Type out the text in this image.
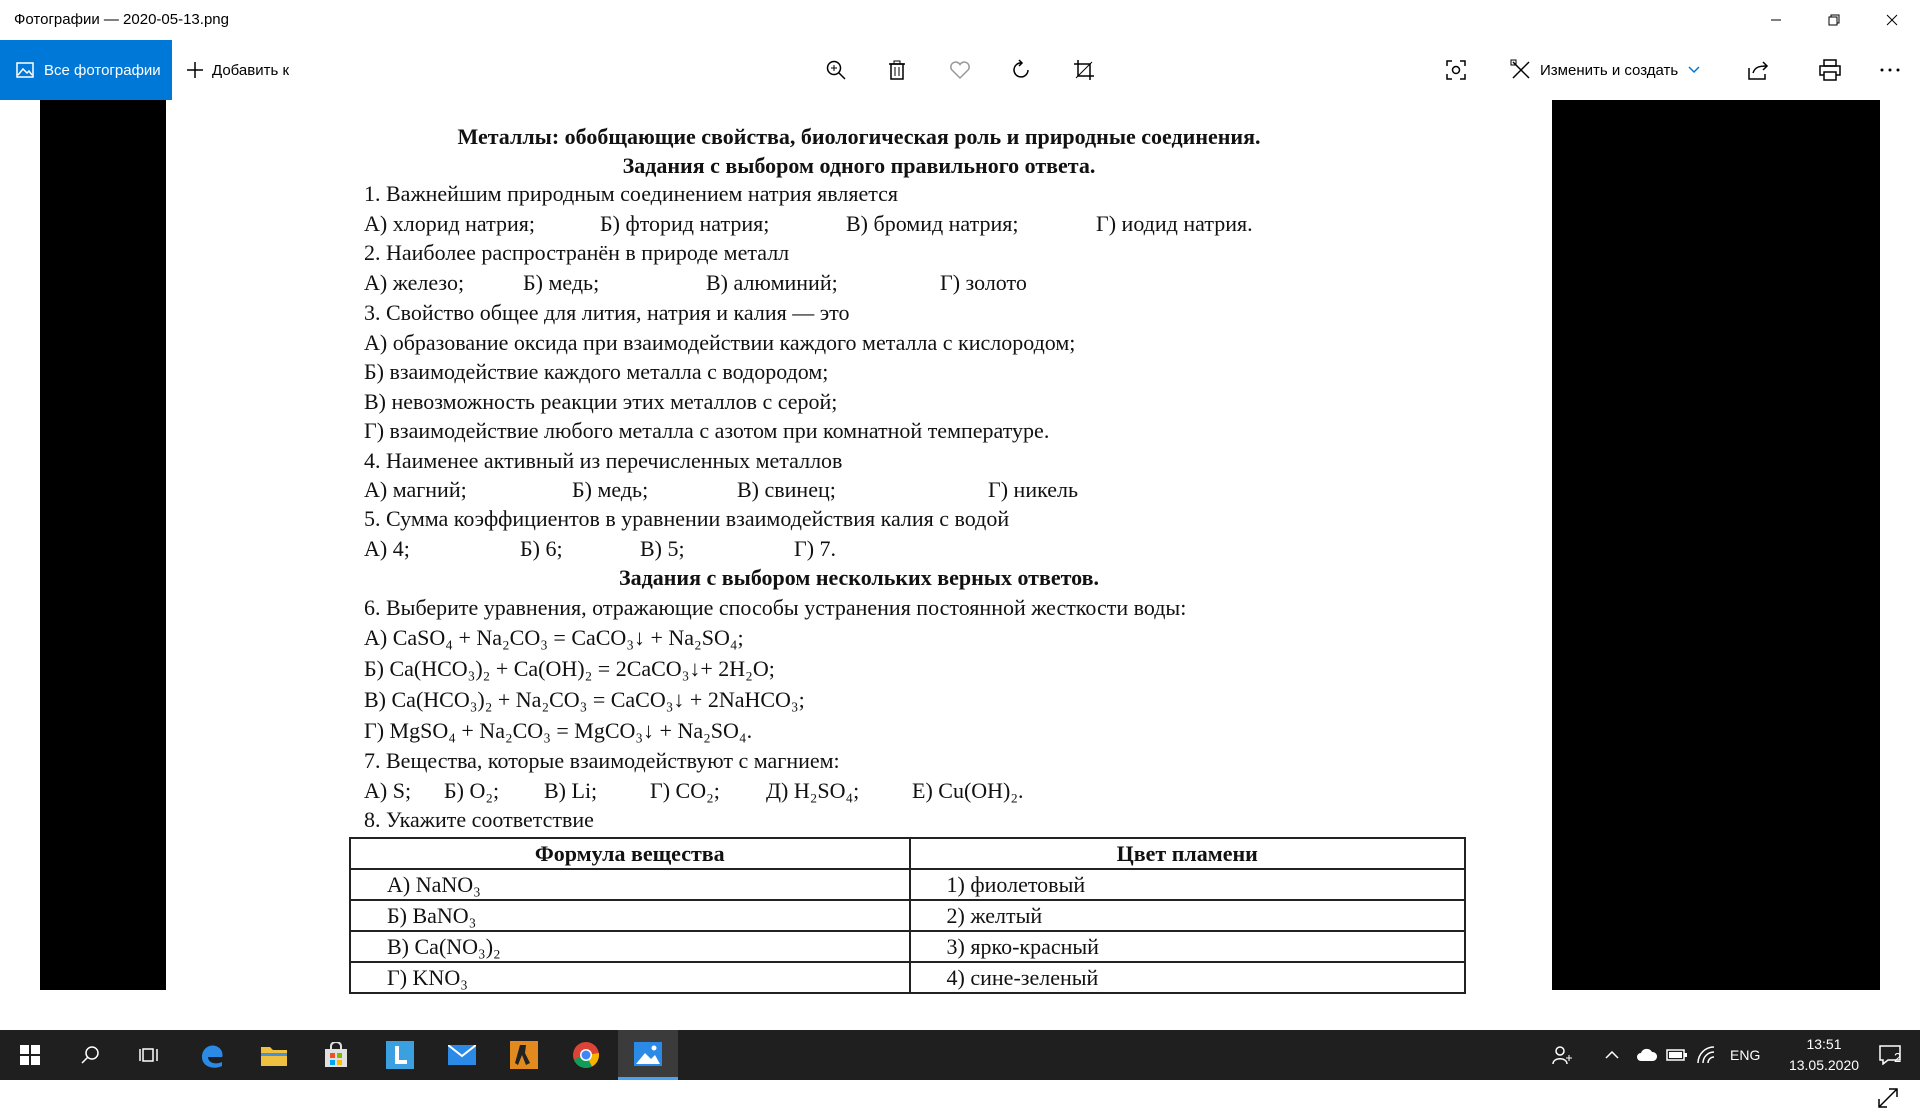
Фотографии — 2020-05-13.png
Все фотографии	Добавить к	Изменить и создать
Металлы: обобщающие свойства, биологическая роль и природные соединения.
Задания с выбором одного правильного ответа.
1. Важнейшим природным соединением натрия является
А) хлорид натрия;	Б) фторид натрия;	В) бромид натрия;	Г) иодид натрия.
2. Наиболее распространён в природе металл
А) железо;	Б) медь;	В) алюминий;	Г) золото
3. Свойство общее для лития, натрия и калия — это
А) образование оксида при взаимодействии каждого металла с кислородом;
Б) взаимодействие каждого металла с водородом;
В) невозможность реакции этих металлов с серой;
Г) взаимодействие любого металла с азотом при комнатной температуре.
4. Наименее активный из перечисленных металлов
А) магний;	Б) медь;	В) свинец;	Г) никель
5. Сумма коэффициентов в уравнении взаимодействия калия с водой
А) 4;	Б) 6;	В) 5;	Г) 7.
Задания с выбором нескольких верных ответов.
6. Выберите уравнения, отражающие способы устранения постоянной жесткости воды:
А) CaSO₄ + Na₂CO₃ = CaCO₃↓ + Na₂SO₄;
Б) Ca(HCO₃)₂ + Ca(OH)₂ = 2CaCO₃↓+ 2H₂O;
В) Ca(HCO₃)₂ + Na₂CO₃ = CaCO₃↓ + 2NaHCO₃;
Г) MgSO₄ + Na₂CO₃ = MgCO₃↓ + Na₂SO₄.
7. Вещества, которые взаимодействуют с магнием:
А) S; Б) O₂; В) Li; Г) CO₂; Д) H₂SO₄; Е) Cu(OH)₂.
8. Укажите соответствие
Формула вещества	Цвет пламени
А) NaNO₃	1) фиолетовый
Б) BaNO₃	2) желтый
В) Ca(NO₃)₂	3) ярко-красный
Г) KNO₃	4) сине-зеленый
ENG
13:51
13.05.2020	2
